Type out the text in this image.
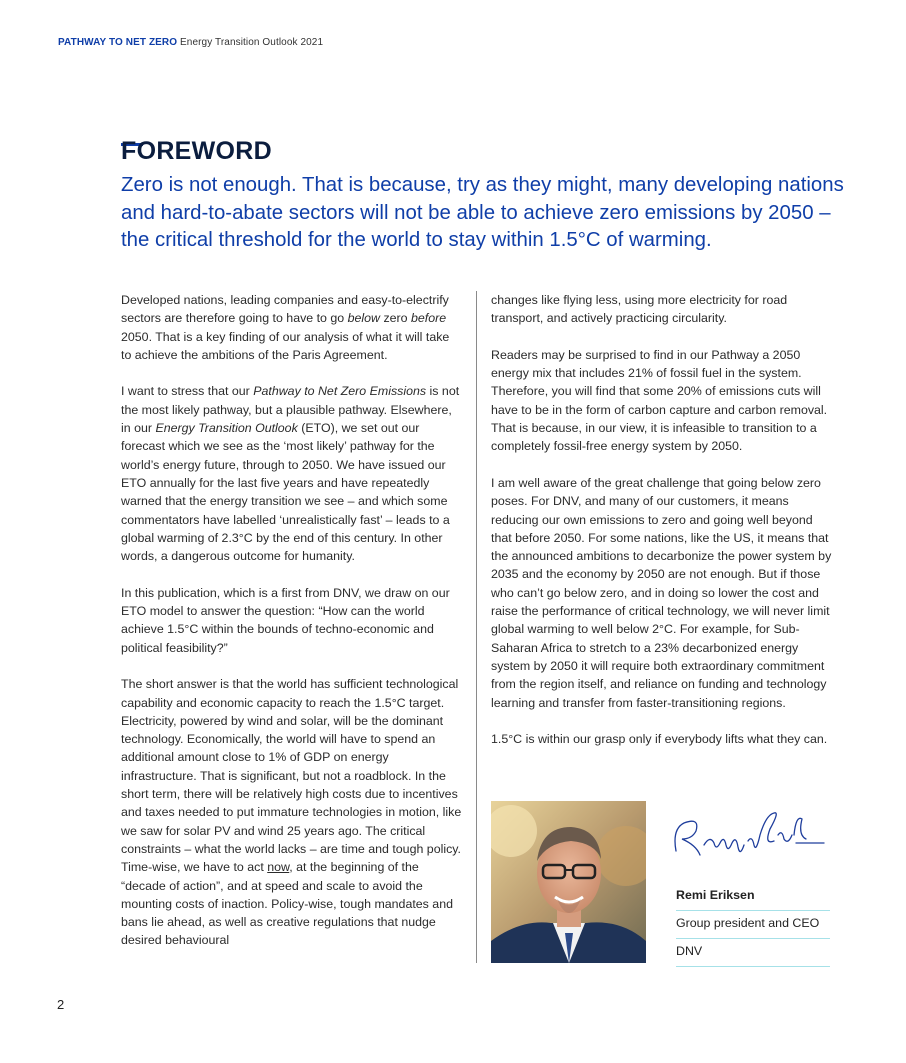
PATHWAY TO NET ZERO Energy Transition Outlook 2021
FOREWORD

Zero is not enough. That is because, try as they might, many developing nations and hard-to-abate sectors will not be able to achieve zero emissions by 2050 – the critical threshold for the world to stay within 1.5°C of warming.

Developed nations, leading companies and easy-to-electrify sectors are therefore going to have to go below zero before 2050. That is a key finding of our analysis of what it will take to achieve the ambitions of the Paris Agreement.

I want to stress that our Pathway to Net Zero Emissions is not the most likely pathway, but a plausible pathway. Elsewhere, in our Energy Transition Outlook (ETO), we set out our forecast which we see as the ‘most likely’ pathway for the world’s energy future, through to 2050. We have issued our ETO annually for the last five years and have repeatedly warned that the energy transition we see – and which some commentators have labelled ‘unrealistically fast’ – leads to a global warming of 2.3°C by the end of this century. In other words, a dangerous outcome for humanity.

In this publication, which is a first from DNV, we draw on our ETO model to answer the question: “How can the world achieve 1.5°C within the bounds of techno-economic and political feasibility?”

The short answer is that the world has sufficient technological capability and economic capacity to reach the 1.5°C target. Electricity, powered by wind and solar, will be the dominant technology. Economically, the world will have to spend an additional amount close to 1% of GDP on energy infrastructure. That is significant, but not a roadblock. In the short term, there will be relatively high costs due to incentives and taxes needed to put immature technologies in motion, like we saw for solar PV and wind 25 years ago. The critical constraints – what the world lacks – are time and tough policy. Time-wise, we have to act now, at the beginning of the “decade of action”, and at speed and scale to avoid the mounting costs of inaction. Policy-wise, tough mandates and bans lie ahead, as well as creative regulations that nudge desired behavioural

changes like flying less, using more electricity for road transport, and actively practicing circularity.

Readers may be surprised to find in our Pathway a 2050 energy mix that includes 21% of fossil fuel in the system. Therefore, you will find that some 20% of emissions cuts will have to be in the form of carbon capture and carbon removal. That is because, in our view, it is infeasible to transition to a completely fossil-free energy system by 2050.

I am well aware of the great challenge that going below zero poses. For DNV, and many of our customers, it means reducing our own emissions to zero and going well beyond that before 2050. For some nations, like the US, it means that the announced ambitions to decarbonize the power system by 2035 and the economy by 2050 are not enough. But if those who can’t go below zero, and in doing so lower the cost and raise the performance of critical technology, we will never limit global warming to well below 2°C. For example, for Sub-Saharan Africa to stretch to a 23% decarbonized energy system by 2050 it will require both extraordinary commitment from the region itself, and reliance on funding and technology learning and transfer from faster-transitioning regions.

1.5°C is within our grasp only if everybody lifts what they can.

Remi Eriksen
Group president and CEO
DNV
2
